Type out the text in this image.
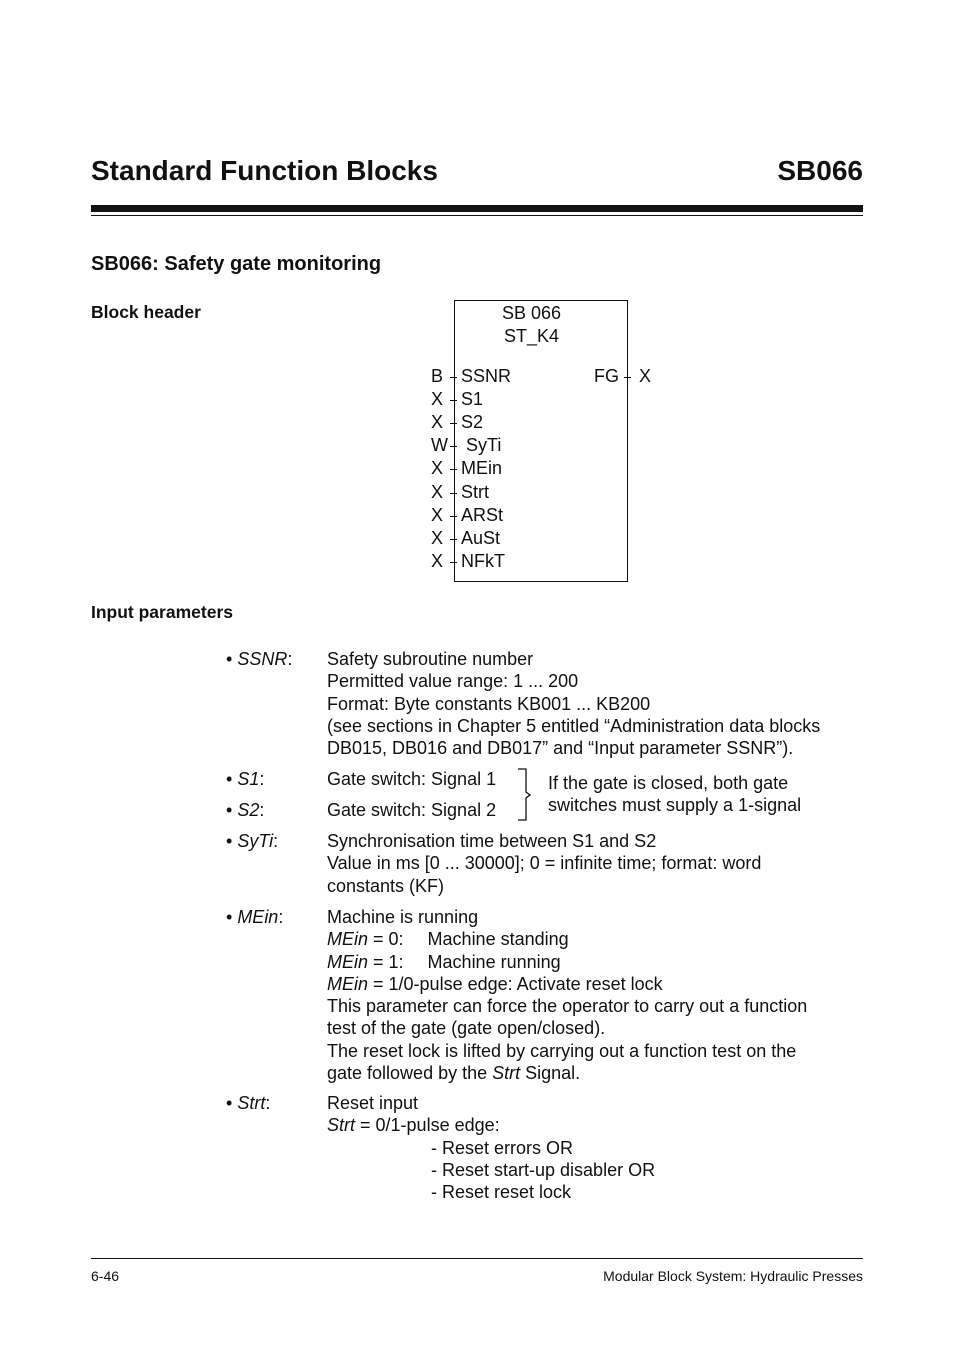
Standard Function Blocks	SB066
SB066: Safety gate monitoring
Block header	SB 066
ST_K4
B SSNR
X S1
X S2
W SyTi
X MEin
X Strt
X ARSt
X AuSt
X NFkT
FG X
Input parameters
• SSNR: Safety subroutine number
Permitted value range: 1 ... 200
Format: Byte constants KB001 ... KB200
(see sections in Chapter 5 entitled “Administration data blocks
DB015, DB016 and DB017” and “Input parameter SSNR”).
• S1:	Gate switch: Signal 1
• S2:	Gate switch: Signal 2
If the gate is closed, both gate
switches must supply a 1-signal
• SyTi:	Synchronisation time between S1 and S2
Value in ms [0 ... 30000]; 0 = infinite time; format: word
constants (KF)
• MEin: Machine is running
MEin = 0: Machine standing
MEin = 1: Machine running
MEin = 1/0-pulse edge: Activate reset lock
This parameter can force the operator to carry out a function
test of the gate (gate open/closed).
The reset lock is lifted by carrying out a function test on the
gate followed by the Strt Signal.
• Strt:	Reset input
Strt = 0/1-pulse edge:
- Reset errors OR
- Reset start-up disabler OR
- Reset reset lock
6-46	Modular Block System: Hydraulic Presses
